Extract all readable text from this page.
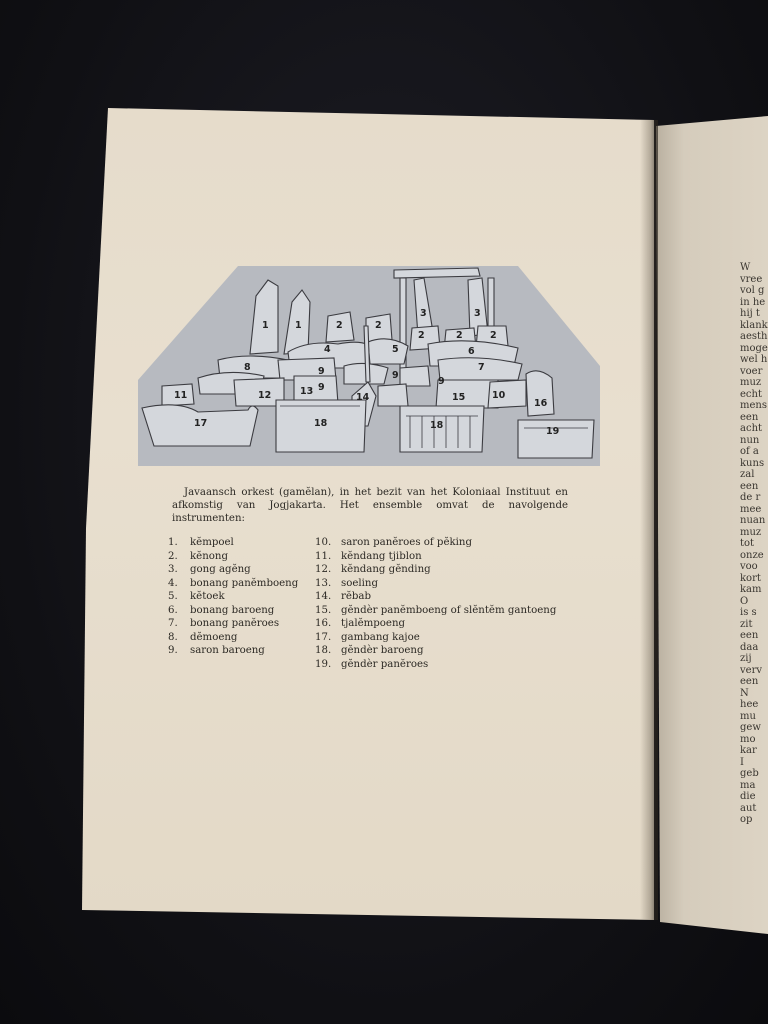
W
vree
vol g
in he
hij t
klank
aesth
moge
wel h
voer
muz
echt
mens
een
acht
nun
of a
kuns
zal
een
de r
mee
nuan
muz
tot
onze
voo
kort
kam
O
is s
zit
een
daa
zij
verv
een
N
hee
mu
gew
mo
kar
I
geb
ma
die
aut
op
1	1	2	2
2	2	2
3	3
4	5	6
7
8	9	9
9
9
10
11	12	13
14	15
16
17	18	18
19
Javaansch orkest (gamĕlan), in het bezit van het Koloniaal Instituut en afkomstig van Jogjakarta. Het ensemble omvat de navolgende instrumenten:
1.	kĕmpoel
2.	kĕnong
3.	gong agĕng
4.	bonang panĕmboeng
5.	kĕtoek
6.	bonang baroeng
7.	bonang panĕroes
8.	dĕmoeng
9.	saron baroeng
10. saron panĕroes of pĕking
11. kĕndang tjiblon
12. kĕndang gĕnding
13. soeling
14. rĕbab
15. gĕndèr panĕmboeng of slĕntĕm gantoeng
16. tjalĕmpoeng
17. gambang kajoe
18. gĕndèr baroeng
19. gĕndèr panĕroes
